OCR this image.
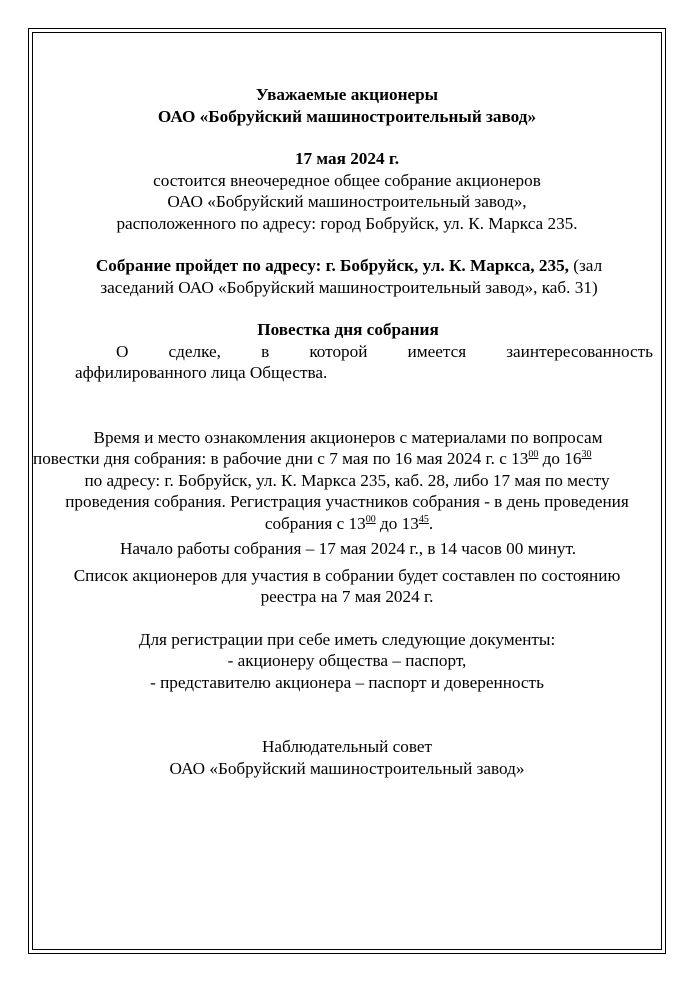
Уважаемые акционеры
ОАО «Бобруйский машиностроительный завод»
17 мая 2024 г.
состоится внеочередное общее собрание акционеров
ОАО «Бобруйский машиностроительный завод»,
расположенного по адресу: город Бобруйск, ул. К. Маркса 235.
Собрание пройдет по адресу: г. Бобруйск, ул. К. Маркса, 235, (зал
заседаний ОАО «Бобруйский машиностроительный завод», каб. 31)
Повестка дня собрания
О сделке, в которой имеется заинтересованность
аффилированного лица Общества.
Время и место ознакомления акционеров с материалами по вопросам
повестки дня собрания: в рабочие дни с 7 мая по 16 мая 2024 г. с $13^{00}$ до $16^{30}$
по адресу: г. Бобруйск, ул. К. Маркса 235, каб. 28, либо 17 мая по месту
проведения собрания. Регистрация участников собрания - в день проведения
собрания с $13^{00}$ до $13^{45}$.
Начало работы собрания – 17 мая 2024 г., в 14 часов 00 минут.
Список акционеров для участия в собрании будет составлен по состоянию
реестра на 7 мая 2024 г.
Для регистрации при себе иметь следующие документы:
- акционеру общества – паспорт,
- представителю акционера – паспорт и доверенность
Наблюдательный совет
ОАО «Бобруйский машиностроительный завод»
